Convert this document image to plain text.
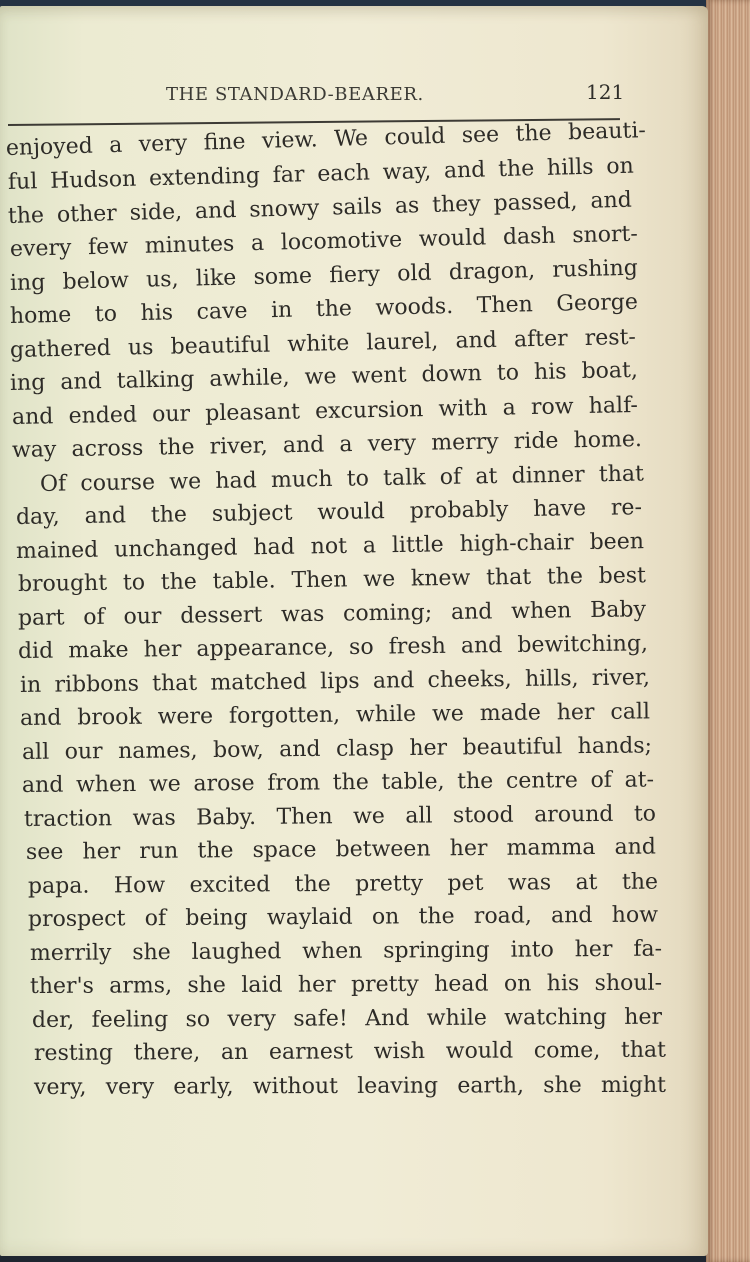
THE STANDARD-BEARER.	121
enjoyed a very fine view. We could see the beauti-
ful Hudson extending far each way, and the hills on
the other side, and snowy sails as they passed, and
every few minutes a locomotive would dash snort-
ing below us, like some fiery old dragon, rushing
home to his cave in the woods. Then George
gathered us beautiful white laurel, and after rest-
ing and talking awhile, we went down to his boat,
and ended our pleasant excursion with a row half-
way across the river, and a very merry ride home.
Of course we had much to talk of at dinner that
day, and the subject would probably have re-
mained unchanged had not a little high-chair been
brought to the table. Then we knew that the best
part of our dessert was coming; and when Baby
did make her appearance, so fresh and bewitching,
in ribbons that matched lips and cheeks, hills, river,
and brook were forgotten, while we made her call
all our names, bow, and clasp her beautiful hands;
and when we arose from the table, the centre of at-
traction was Baby. Then we all stood around to
see her run the space between her mamma and
papa. How excited the pretty pet was at the
prospect of being waylaid on the road, and how
merrily she laughed when springing into her fa-
ther's arms, she laid her pretty head on his shoul-
der, feeling so very safe! And while watching her
resting there, an earnest wish would come, that
very, very early, without leaving earth, she might
